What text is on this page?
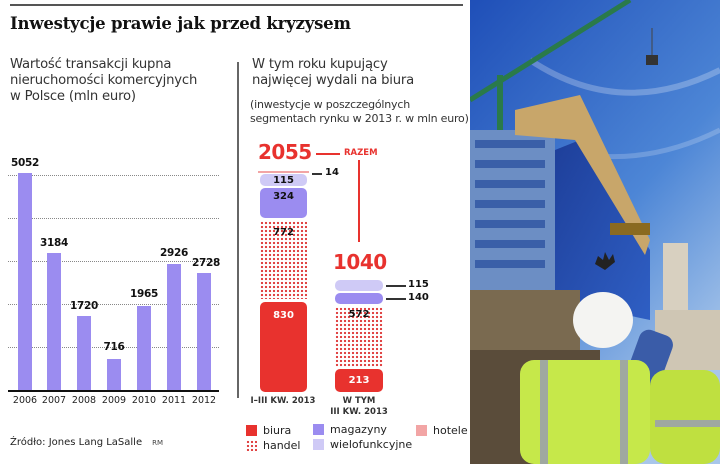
Inwestycje prawie jak przed kryzysem
Wartość transakcji kupna
nieruchomości komercyjnych
w Polsce (mln euro)
5052
3184
1720
716
1965
2926
2728
2006 2007 2008 2009 2010 2011 2012
Źródło: Jones Lang LaSalle RM
W tym roku kupujący
najwięcej wydali na biura
(inwestycje w poszczególnych
segmentach rynku w 2013 r. w mln euro)
2055	RAZEM
14
115
324
772
830
I–III KW. 2013
1040
115
140
572
213
W TYM
III KW. 2013
biura
handel
magazyny
wielofunkcyjne
hotele
